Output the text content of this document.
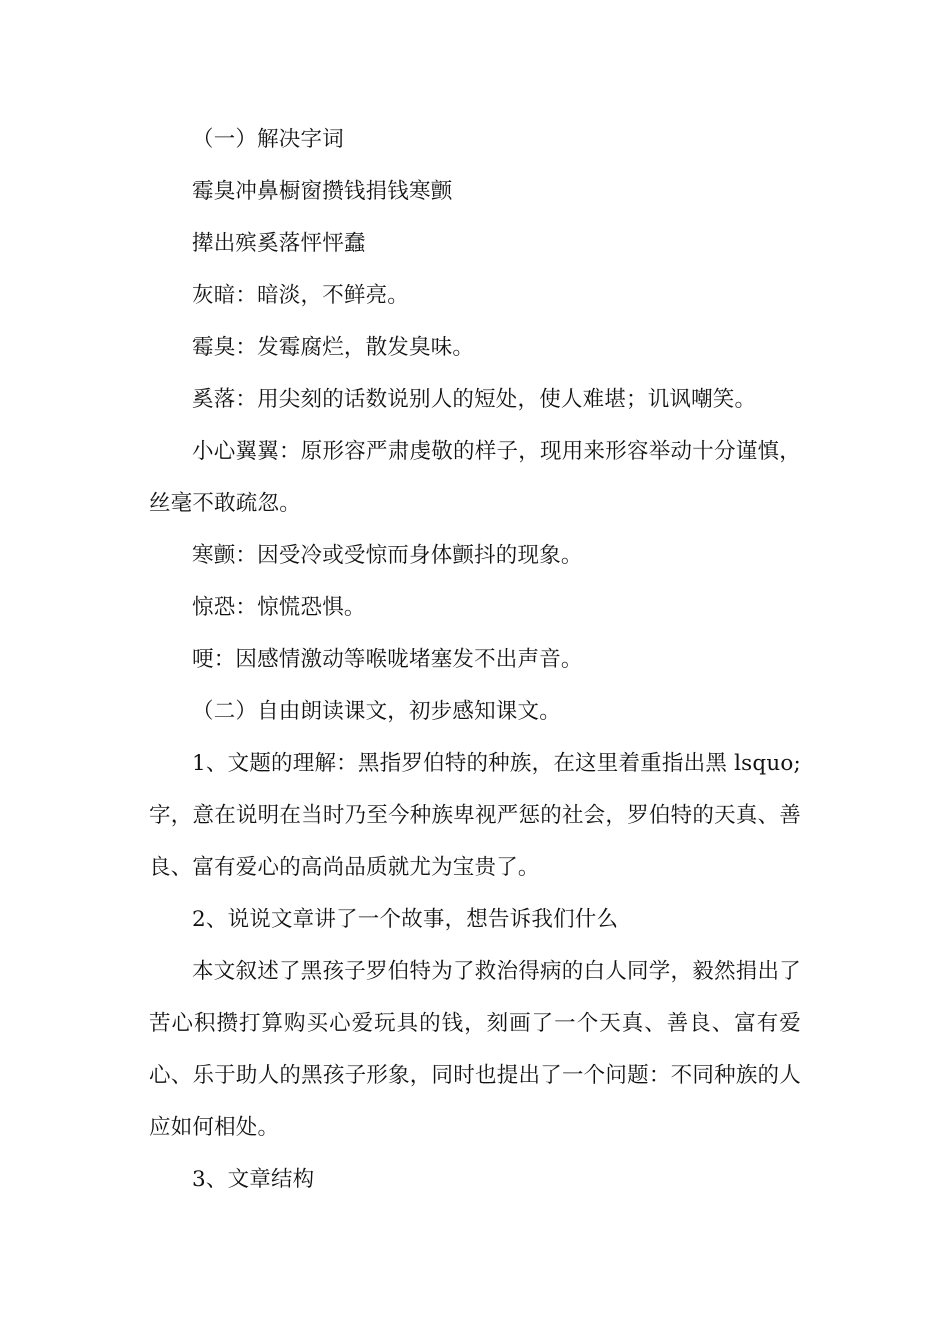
（一）解决字词

霉臭冲鼻橱窗攒钱捐钱寒颤

撵出殡奚落怦怦蠢

灰暗：暗淡，不鲜亮。

霉臭：发霉腐烂，散发臭味。

奚落：用尖刻的话数说别人的短处，使人难堪；讥讽嘲笑。

小心翼翼：原形容严肃虔敬的样子，现用来形容举动十分谨慎，丝毫不敢疏忽。

寒颤：因受冷或受惊而身体颤抖的现象。

惊恐：惊慌恐惧。

哽：因感情激动等喉咙堵塞发不出声音。

（二）自由朗读课文，初步感知课文。

1、文题的理解：黑指罗伯特的种族，在这里着重指出黑 lsquo;字，意在说明在当时乃至今种族卑视严惩的社会，罗伯特的天真、善良、富有爱心的高尚品质就尤为宝贵了。

2、说说文章讲了一个故事，想告诉我们什么

本文叙述了黑孩子罗伯特为了救治得病的白人同学，毅然捐出了苦心积攒打算购买心爱玩具的钱，刻画了一个天真、善良、富有爱心、乐于助人的黑孩子形象，同时也提出了一个问题：不同种族的人应如何相处。

3、文章结构
